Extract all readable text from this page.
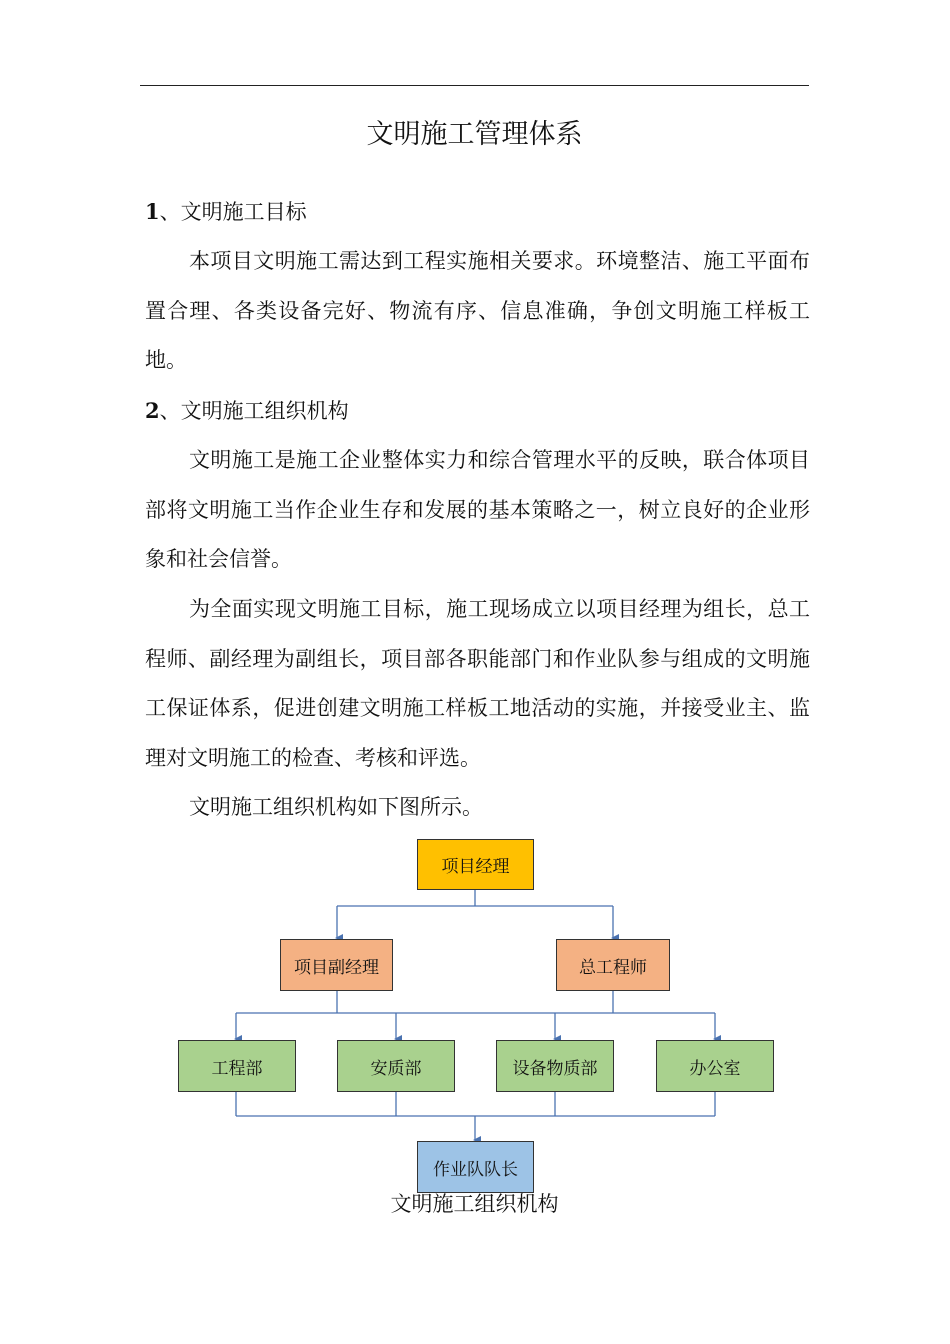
文明施工管理体系
1、文明施工目标
本项目文明施工需达到工程实施相关要求。环境整洁、施工平面布置合理、各类设备完好、物流有序、信息准确，争创文明施工样板工地。
2、文明施工组织机构
文明施工是施工企业整体实力和综合管理水平的反映，联合体项目部将文明施工当作企业生存和发展的基本策略之一，树立良好的企业形象和社会信誉。
为全面实现文明施工目标，施工现场成立以项目经理为组长，总工程师、副经理为副组长，项目部各职能部门和作业队参与组成的文明施工保证体系，促进创建文明施工样板工地活动的实施，并接受业主、监理对文明施工的检查、考核和评选。
文明施工组织机构如下图所示。
项目经理
项目副经理	总工程师
工程部	安质部	设备物质部	办公室
作业队队长
文明施工组织机构
